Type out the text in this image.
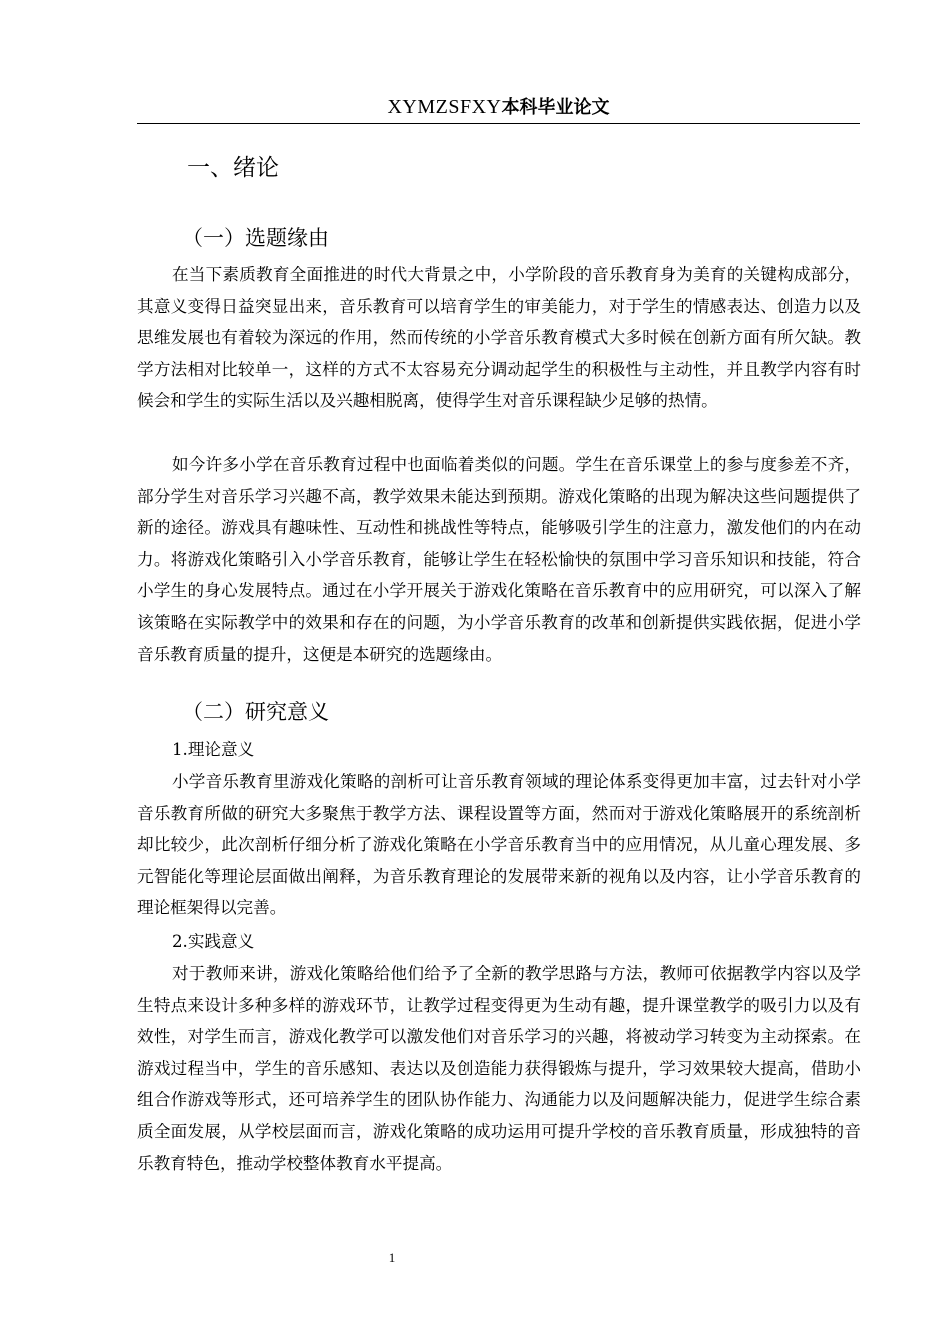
XYMZSFXY本科毕业论文
一、绪论
（一）选题缘由

在当下素质教育全面推进的时代大背景之中，小学阶段的音乐教育身为美育的关键构成部分，其意义变得日益突显出来，音乐教育可以培育学生的审美能力，对于学生的情感表达、创造力以及思维发展也有着较为深远的作用，然而传统的小学音乐教育模式大多时候在创新方面有所欠缺。教学方法相对比较单一，这样的方式不太容易充分调动起学生的积极性与主动性，并且教学内容有时候会和学生的实际生活以及兴趣相脱离，使得学生对音乐课程缺少足够的热情。

如今许多小学在音乐教育过程中也面临着类似的问题。学生在音乐课堂上的参与度参差不齐，部分学生对音乐学习兴趣不高，教学效果未能达到预期。游戏化策略的出现为解决这些问题提供了新的途径。游戏具有趣味性、互动性和挑战性等特点，能够吸引学生的注意力，激发他们的内在动力。将游戏化策略引入小学音乐教育，能够让学生在轻松愉快的氛围中学习音乐知识和技能，符合小学生的身心发展特点。通过在小学开展关于游戏化策略在音乐教育中的应用研究，可以深入了解该策略在实际教学中的效果和存在的问题，为小学音乐教育的改革和创新提供实践依据，促进小学音乐教育质量的提升，这便是本研究的选题缘由。

（二）研究意义
1.理论意义

小学音乐教育里游戏化策略的剖析可让音乐教育领域的理论体系变得更加丰富，过去针对小学音乐教育所做的研究大多聚焦于教学方法、课程设置等方面，然而对于游戏化策略展开的系统剖析却比较少，此次剖析仔细分析了游戏化策略在小学音乐教育当中的应用情况，从儿童心理发展、多元智能化等理论层面做出阐释，为音乐教育理论的发展带来新的视角以及内容，让小学音乐教育的理论框架得以完善。

2.实践意义

对于教师来讲，游戏化策略给他们给予了全新的教学思路与方法，教师可依据教学内容以及学生特点来设计多种多样的游戏环节，让教学过程变得更为生动有趣，提升课堂教学的吸引力以及有效性，对学生而言，游戏化教学可以激发他们对音乐学习的兴趣，将被动学习转变为主动探索。在游戏过程当中，学生的音乐感知、表达以及创造能力获得锻炼与提升，学习效果较大提高，借助小组合作游戏等形式，还可培养学生的团队协作能力、沟通能力以及问题解决能力，促进学生综合素质全面发展，从学校层面而言，游戏化策略的成功运用可提升学校的音乐教育质量，形成独特的音乐教育特色，推动学校整体教育水平提高。

1
